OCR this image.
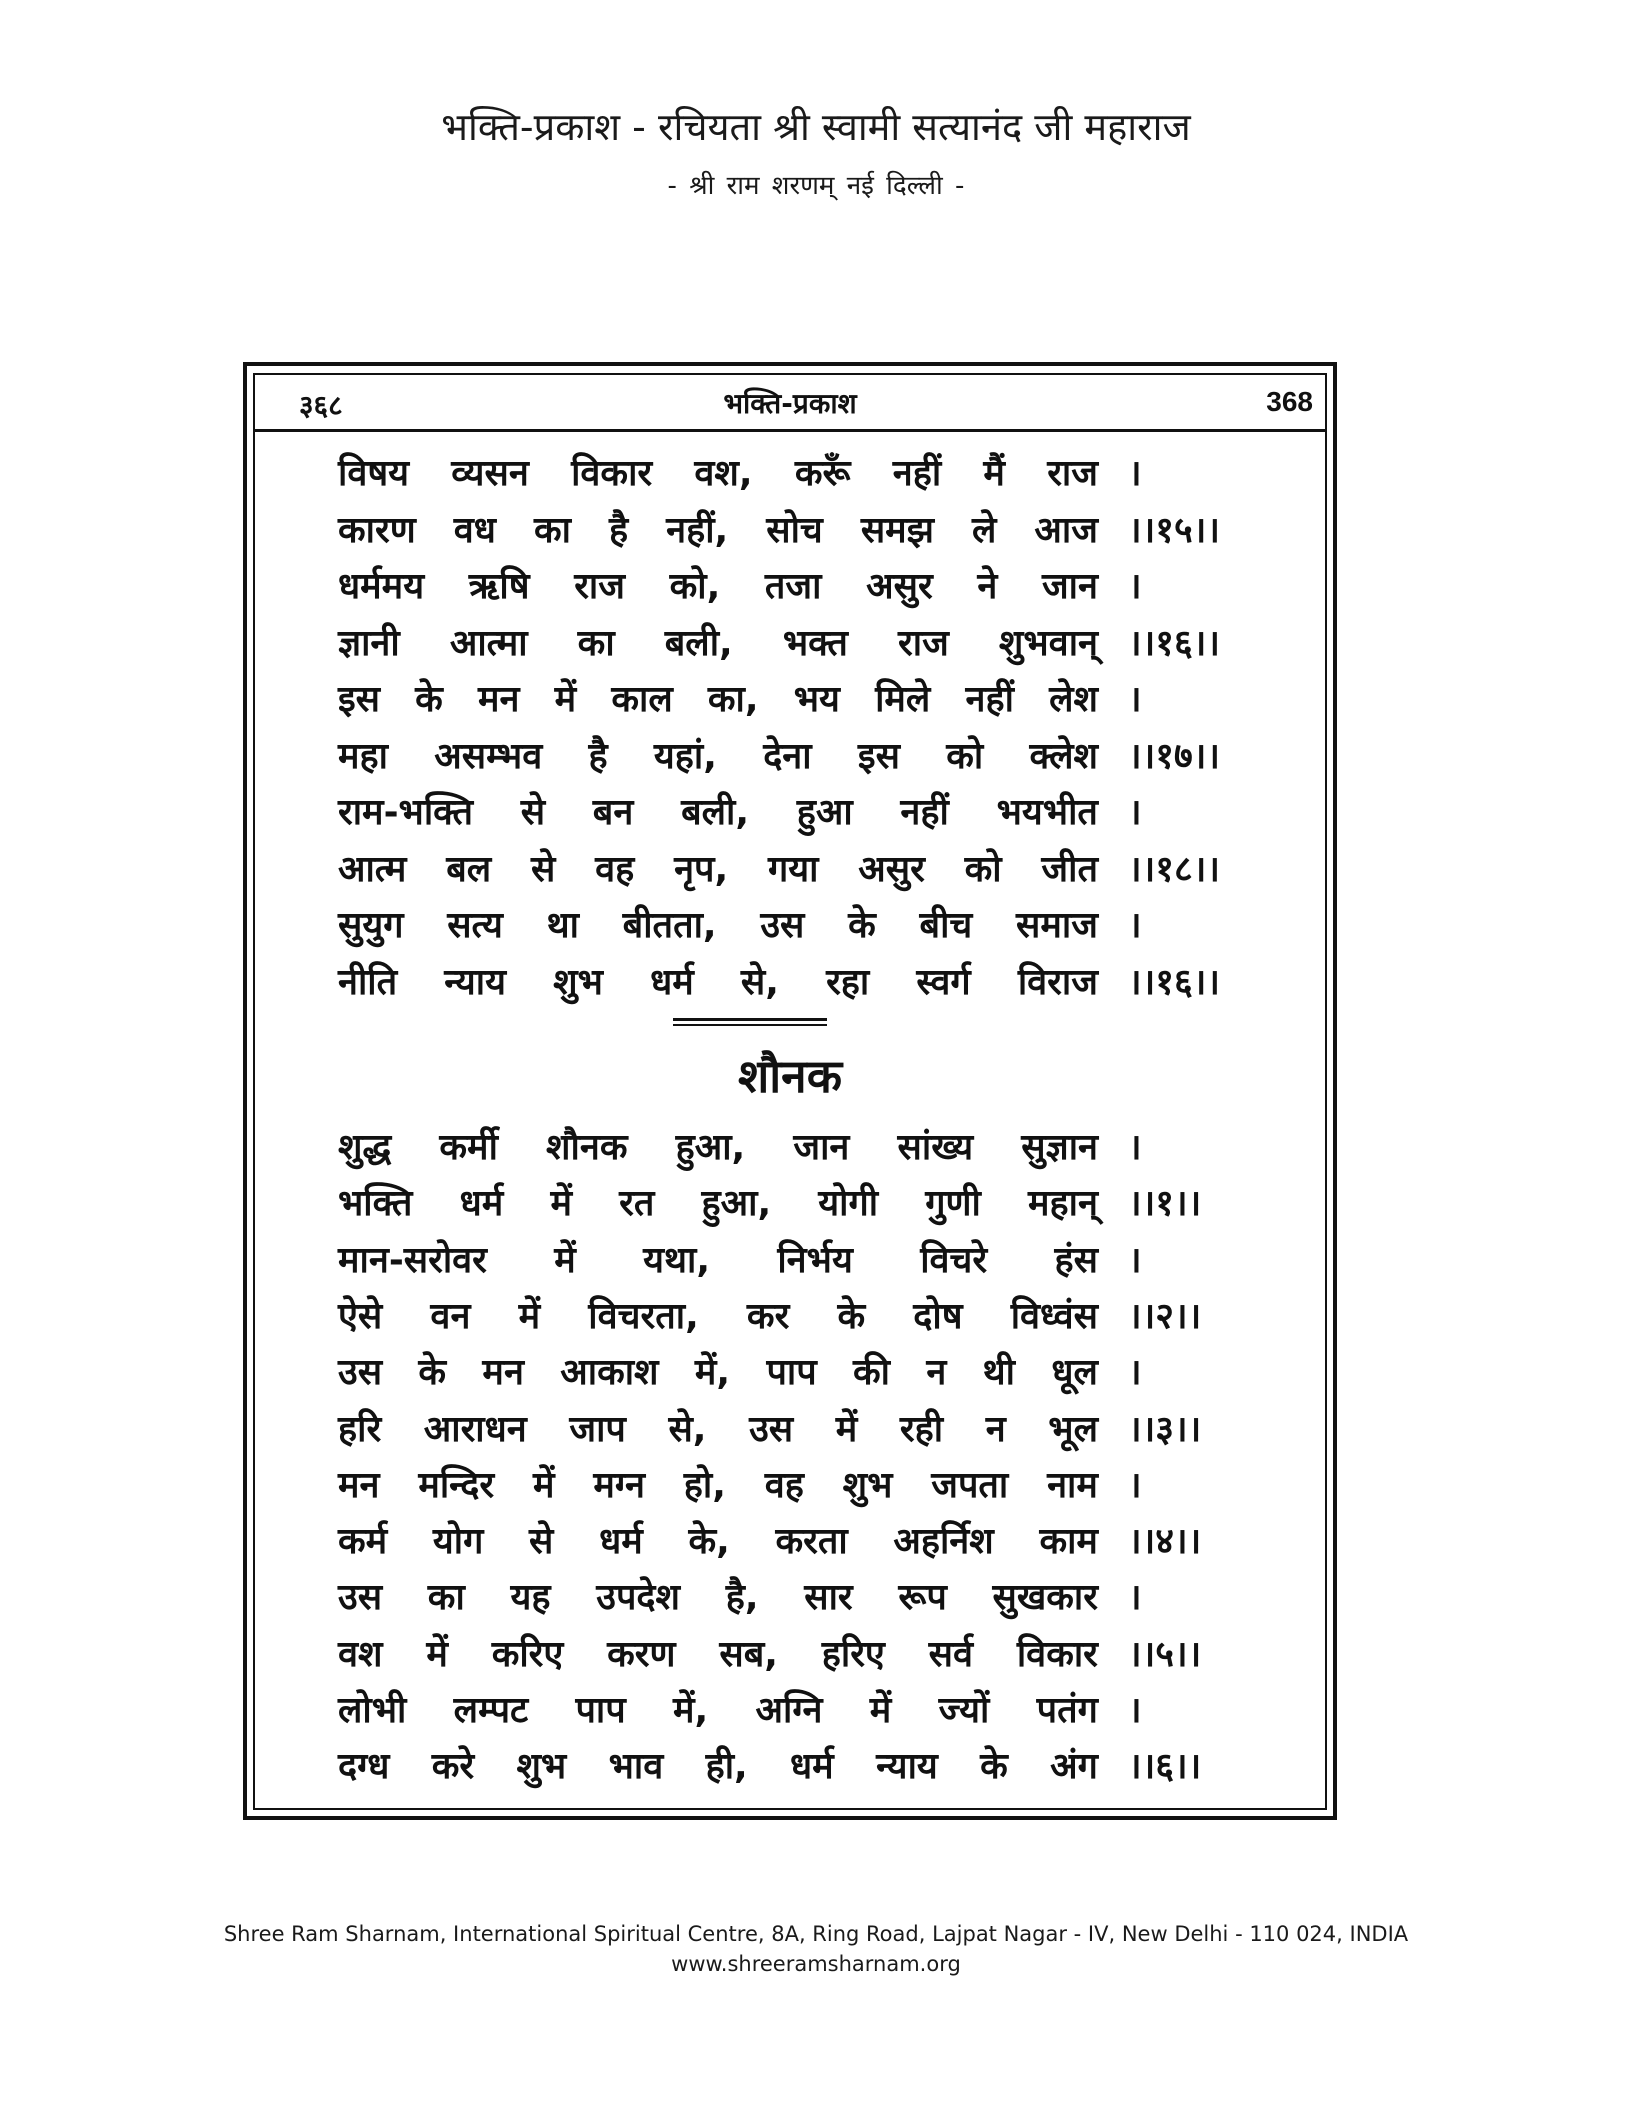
भक्ति-प्रकाश - रचियता श्री स्वामी सत्यानंद जी महाराज
- श्री राम शरणम् नई दिल्ली -
३६८	भक्ति-प्रकाश	368
विषय व्यसन विकार वश, करूँ नहीं मैं राज ।
कारण वध का है नहीं, सोच समझ ले आज ।।१५।।
धर्ममय ऋषि राज को, तजा असुर ने जान ।
ज्ञानी आत्मा का बली, भक्त राज शुभवान् ।।१६।।
इस के मन में काल का, भय मिले नहीं लेश ।
महा असम्भव है यहां, देना इस को क्लेश ।।१७।।
राम-भक्ति से बन बली, हुआ नहीं भयभीत ।
आत्म बल से वह नृप, गया असुर को जीत ।।१८।।
सुयुग सत्य था बीतता, उस के बीच समाज ।
नीति न्याय शुभ धर्म से, रहा स्वर्ग विराज ।।१६।।
शौनक
शुद्ध कर्मी शौनक हुआ, जान सांख्य सुज्ञान ।
भक्ति धर्म में रत हुआ, योगी गुणी महान् ।।१।।
मान-सरोवर में यथा, निर्भय विचरे हंस ।
ऐसे वन में विचरता, कर के दोष विध्वंस ।।२।।
उस के मन आकाश में, पाप की न थी धूल ।
हरि आराधन जाप से, उस में रही न भूल ।।३।।
मन मन्दिर में मग्न हो, वह शुभ जपता नाम ।
कर्म योग से धर्म के, करता अहर्निश काम ।।४।।
उस का यह उपदेश है, सार रूप सुखकार ।
वश में करिए करण सब, हरिए सर्व विकार ।।५।।
लोभी लम्पट पाप में, अग्नि में ज्यों पतंग ।
दग्ध करे शुभ भाव ही, धर्म न्याय के अंग ।।६।।
Shree Ram Sharnam, International Spiritual Centre, 8A, Ring Road, Lajpat Nagar - IV, New Delhi - 110 024, INDIA
www.shreeramsharnam.org
